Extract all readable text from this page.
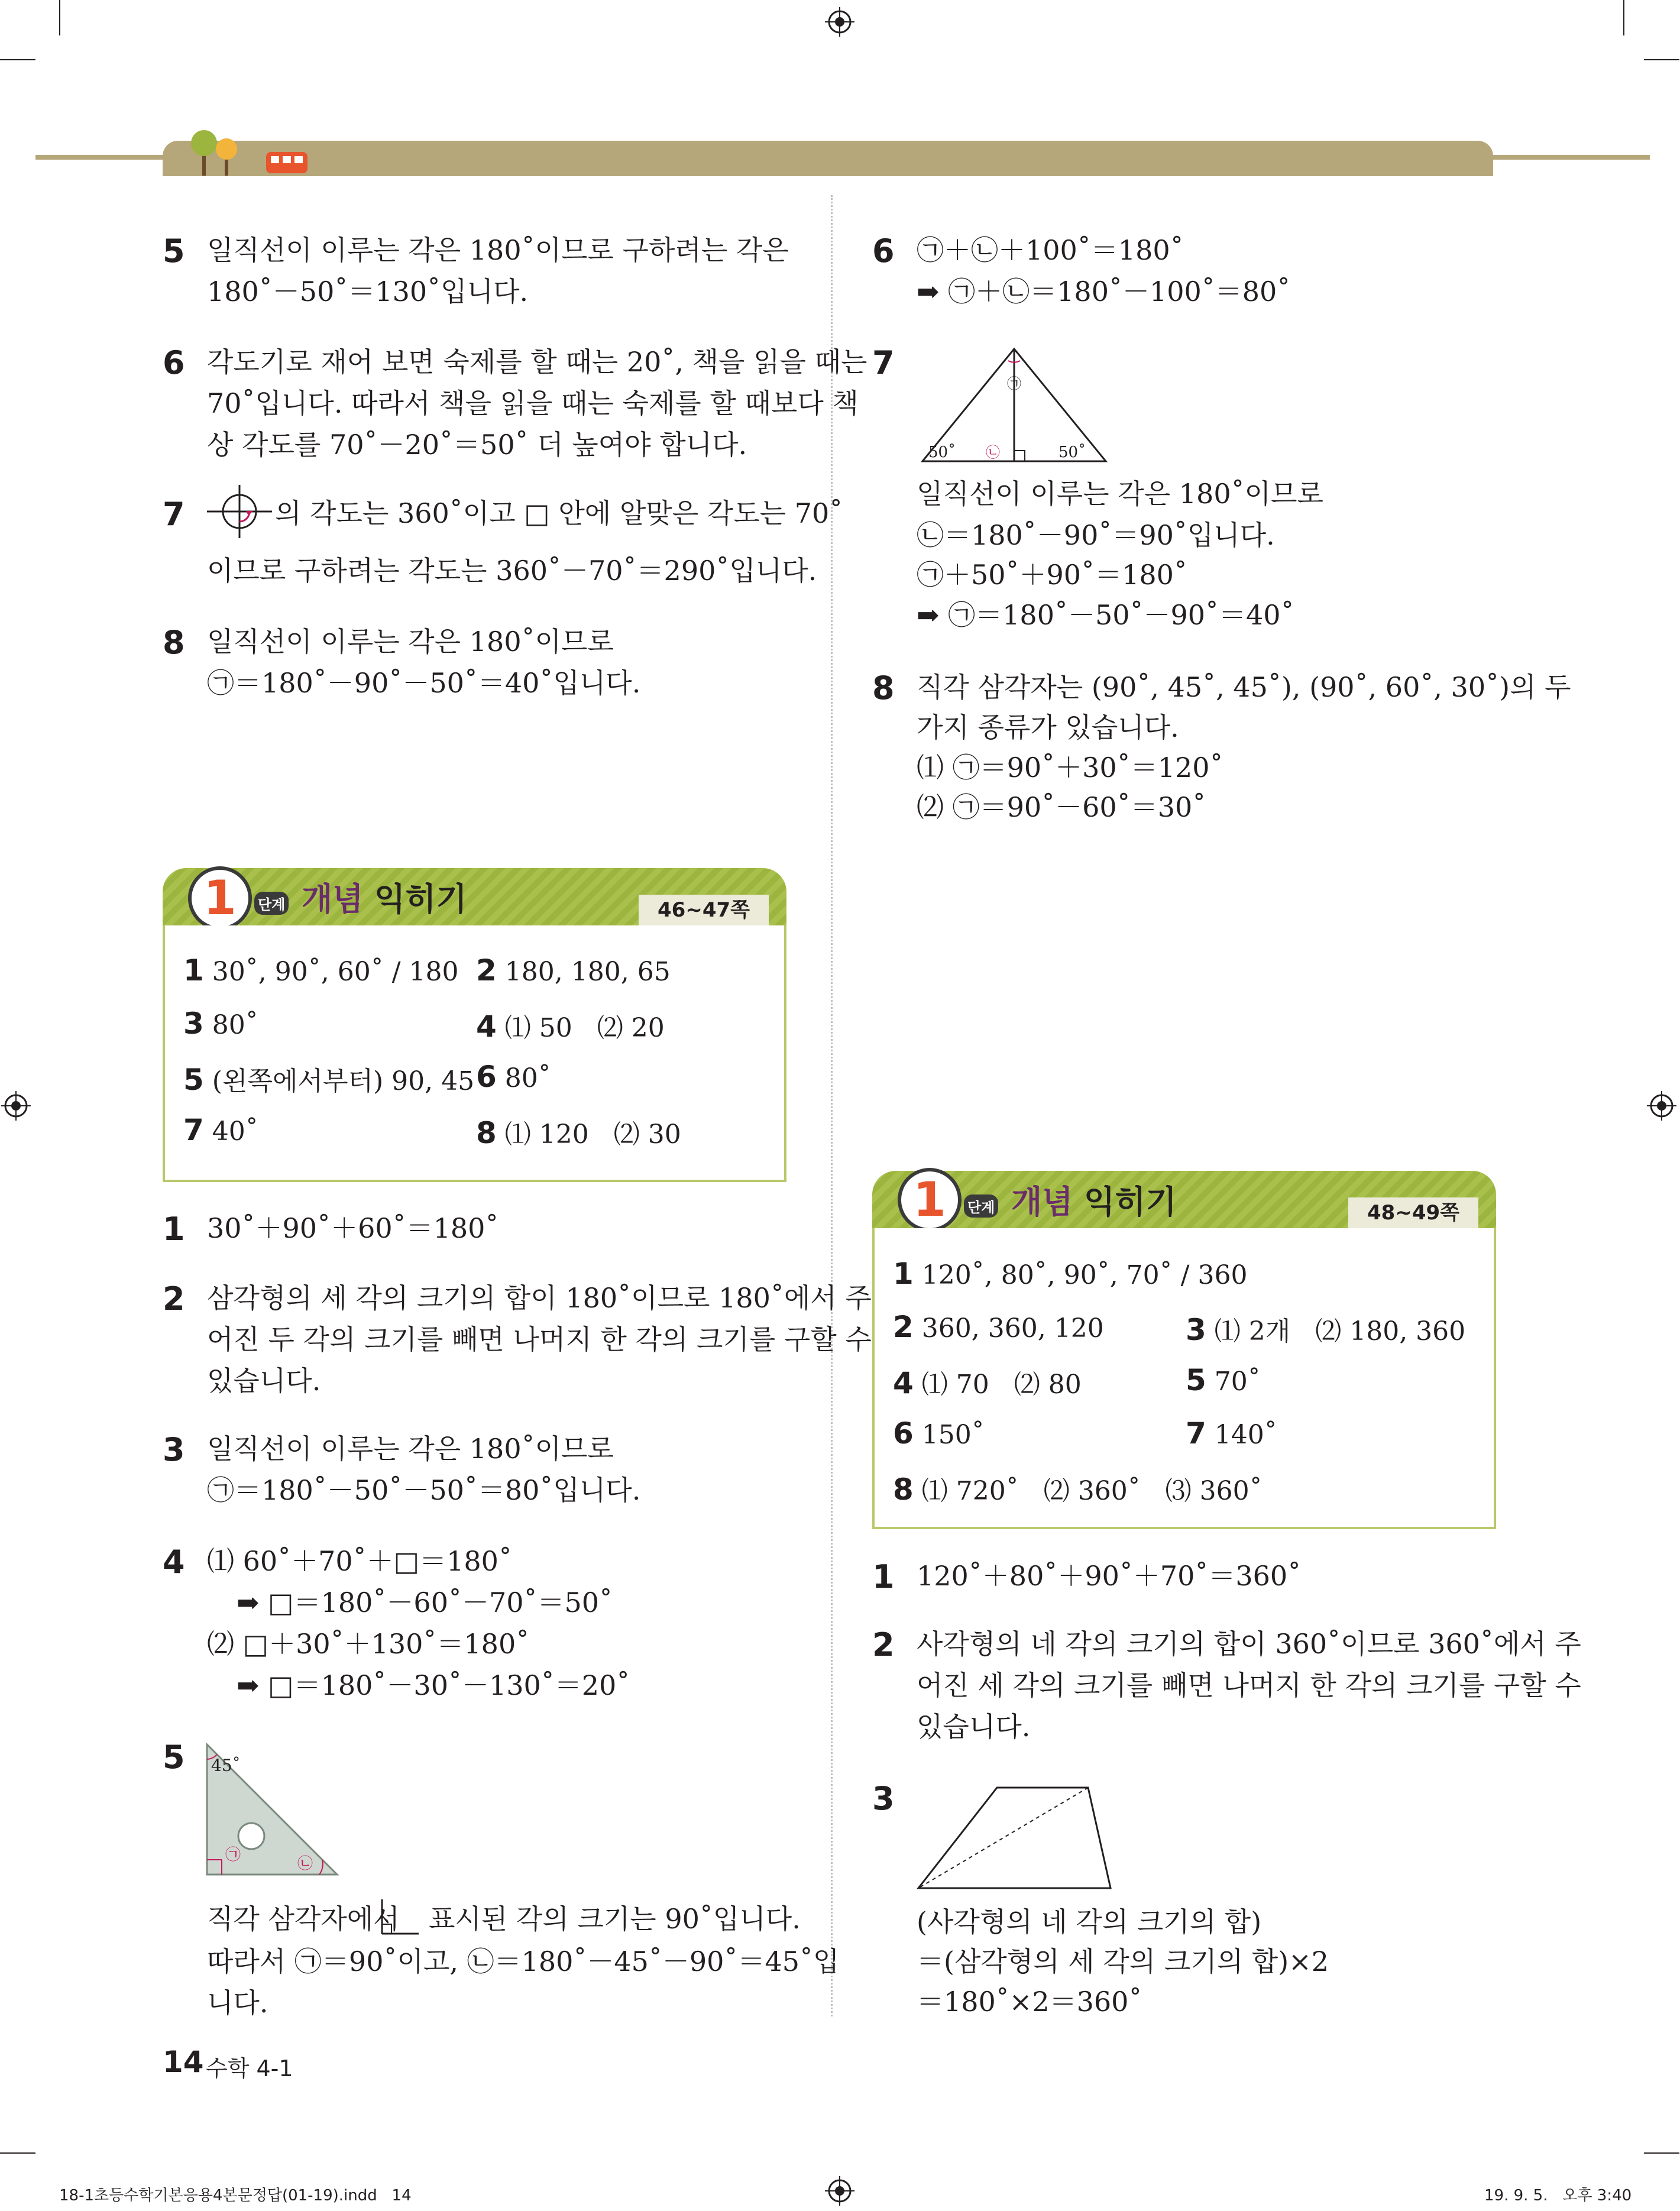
5 일직선이 이루는 각은 180˚이므로 구하려는 각은
180˚－50˚＝130˚입니다.
6 각도기로 재어 보면 숙제를 할 때는 20˚, 책을 읽을 때는
70˚입니다. 따라서 책을 읽을 때는 숙제를 할 때보다 책
상 각도를 70˚－20˚＝50˚ 더 높여야 합니다.
7	의 각도는 360˚이고 □ 안에 알맞은 각도는 70˚
이므로 구하려는 각도는 360˚－70˚＝290˚입니다.
8 일직선이 이루는 각은 180˚이므로
㉠＝180˚－90˚－50˚＝40˚입니다.
1	단계 개념 익히기	46∼47쪽
1 30˚, 90˚, 60˚ / 180 2 180, 180, 65
3 80˚	4 ⑴ 50   ⑵ 20
5 (왼쪽에서부터) 90, 45 6 80˚
7 40˚	8 ⑴ 120   ⑵ 30
1 30˚＋90˚＋60˚＝180˚
2 삼각형의 세 각의 크기의 합이 180˚이므로 180˚에서 주
어진 두 각의 크기를 빼면 나머지 한 각의 크기를 구할 수
있습니다.
3 일직선이 이루는 각은 180˚이므로
㉠＝180˚－50˚－50˚＝80˚입니다.
4 ⑴ 60˚＋70˚＋□＝180˚
➡ □＝180˚－60˚－70˚＝50˚
⑵ □＋30˚＋130˚＝180˚
➡ □＝180˚－30˚－130˚＝20˚
5 45˚
㉠	㉡
직각 삼각자에서 표시된 각의 크기는 90˚입니다.
따라서 ㉠＝90˚이고, ㉡＝180˚－45˚－90˚＝45˚입
니다.
6 ㉠＋㉡＋100˚＝180˚
➡ ㉠＋㉡＝180˚－100˚＝80˚
7
50˚	50˚
㉠
㉡
일직선이 이루는 각은 180˚이므로
㉡＝180˚－90˚＝90˚입니다.
㉠＋50˚＋90˚＝180˚
➡ ㉠＝180˚－50˚－90˚＝40˚
8 직각 삼각자는 (90˚, 45˚, 45˚), (90˚, 60˚, 30˚)의 두
가지 종류가 있습니다.
⑴ ㉠＝90˚＋30˚＝120˚
⑵ ㉠＝90˚－60˚＝30˚
1	단계 개념 익히기	48∼49쪽
1 120˚, 80˚, 90˚, 70˚ / 360
2 360, 360, 120	3 ⑴ 2개   ⑵ 180, 360
4 ⑴ 70   ⑵ 80	5 70˚
6 150˚	7 140˚
8 ⑴ 720˚   ⑵ 360˚   ⑶ 360˚
1 120˚＋80˚＋90˚＋70˚＝360˚
2 사각형의 네 각의 크기의 합이 360˚이므로 360˚에서 주
어진 세 각의 크기를 빼면 나머지 한 각의 크기를 구할 수
있습니다.
3
(사각형의 네 각의 크기의 합)
＝(삼각형의 세 각의 크기의 합)×2
＝180˚×2＝360˚
14 수학 4-1
18-1초등수학기본응용4본문정답(01-19).indd   14	19. 9. 5.   오후 3:40
